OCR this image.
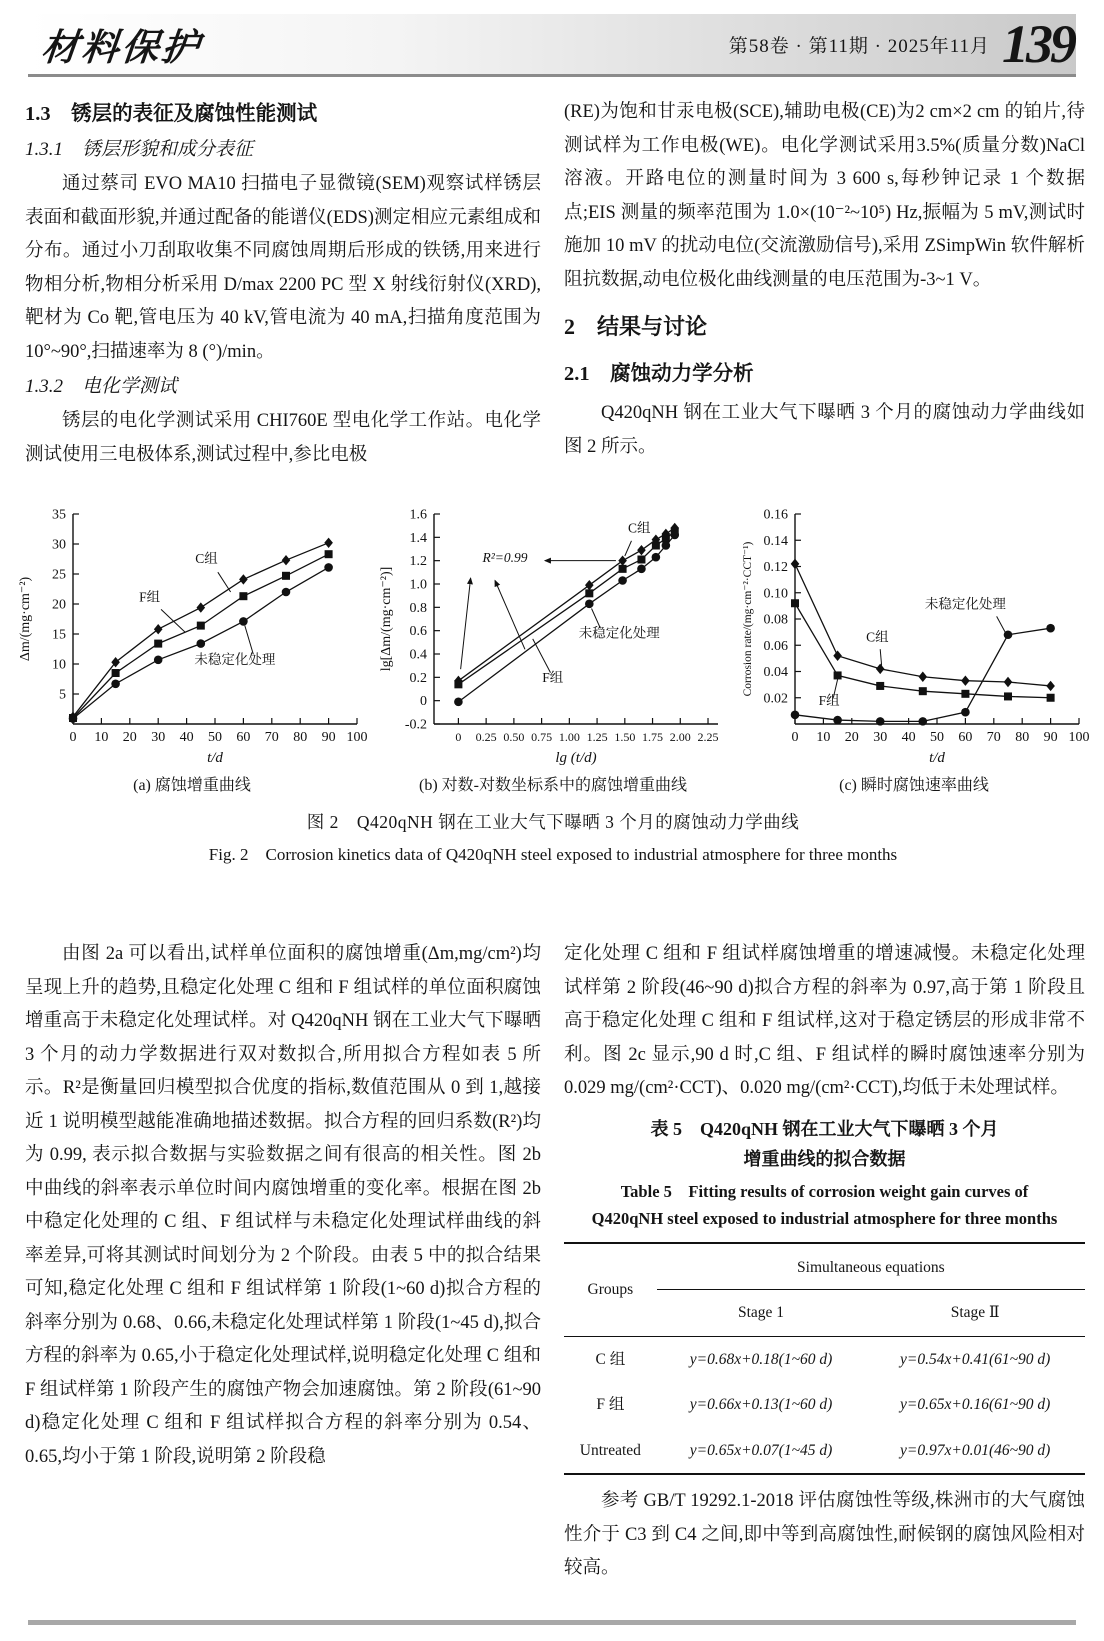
材料保护	第58卷 · 第11期 · 2025年11月 139
1.3　锈层的表征及腐蚀性能测试
1.3.1　锈层形貌和成分表征

通过蔡司 EVO MA10 扫描电子显微镜(SEM)观察试样锈层表面和截面形貌,并通过配备的能谱仪(EDS)测定相应元素组成和分布。通过小刀刮取收集不同腐蚀周期后形成的铁锈,用来进行物相分析,物相分析采用 D/max 2200 PC 型 X 射线衍射仪(XRD),靶材为 Co 靶,管电压为 40 kV,管电流为 40 mA,扫描角度范围为 10°~90°,扫描速率为 8 (°)/min。

1.3.2　电化学测试

锈层的电化学测试采用 CHI760E 型电化学工作站。电化学测试使用三电极体系,测试过程中,参比电极

(RE)为饱和甘汞电极(SCE),辅助电极(CE)为2 cm×2 cm 的铂片,待测试样为工作电极(WE)。电化学测试采用3.5%(质量分数)NaCl 溶液。开路电位的测量时间为 3 600 s,每秒钟记录 1 个数据点;EIS 测量的频率范围为 1.0×(10⁻²~10⁵) Hz,振幅为 5 mV,测试时施加 10 mV 的扰动电位(交流激励信号),采用 ZSimpWin 软件解析阻抗数据,动电位极化曲线测量的电压范围为-3~1 V。

2　结果与讨论
2.1　腐蚀动力学分析

Q420qNH 钢在工业大气下曝晒 3 个月的腐蚀动力学曲线如图 2 所示。

5
10
15
20
25
30
35
0 10 20 30 40 50 60 70 80 90 100
t/d
Δm/(mg·cm⁻²)
C组
F组
未稳定化处理
(a) 腐蚀增重曲线
-0.2
0
0.2
0.4
0.6
0.8
1.0
1.2
1.4
1.6
0 0.25 0.50 0.75 1.00 1.25 1.50 1.75 2.00 2.25
lg (t/d)
lg[Δm/(mg·cm⁻²)]
R²=0.99
C组
未稳定化处理
F组
(b) 对数-对数坐标系中的腐蚀增重曲线
0.02
0.04
0.06
0.08
0.10
0.12
0.14
0.16
0 10 20 30 40 50 60 70 80 90 100
t/d
Corrosion rate/(mg·cm⁻²·CCT⁻¹)	未稳定化处理
C组
F组
(c) 瞬时腐蚀速率曲线
图 2　Q420qNH 钢在工业大气下曝晒 3 个月的腐蚀动力学曲线
Fig. 2　Corrosion kinetics data of Q420qNH steel exposed to industrial atmosphere for three months

由图 2a 可以看出,试样单位面积的腐蚀增重(Δm,mg/cm²)均呈现上升的趋势,且稳定化处理 C 组和 F 组试样的单位面积腐蚀增重高于未稳定化处理试样。对 Q420qNH 钢在工业大气下曝晒 3 个月的动力学数据进行双对数拟合,所用拟合方程如表 5 所示。R²是衡量回归模型拟合优度的指标,数值范围从 0 到 1,越接近 1 说明模型越能准确地描述数据。拟合方程的回归系数(R²)均为 0.99, 表示拟合数据与实验数据之间有很高的相关性。图 2b 中曲线的斜率表示单位时间内腐蚀增重的变化率。根据在图 2b 中稳定化处理的 C 组、F 组试样与未稳定化处理试样曲线的斜率差异,可将其测试时间划分为 2 个阶段。由表 5 中的拟合结果可知,稳定化处理 C 组和 F 组试样第 1 阶段(1~60 d)拟合方程的斜率分别为 0.68、0.66,未稳定化处理试样第 1 阶段(1~45 d),拟合方程的斜率为 0.65,小于稳定化处理试样,说明稳定化处理 C 组和 F 组试样第 1 阶段产生的腐蚀产物会加速腐蚀。第 2 阶段(61~90 d)稳定化处理 C 组和 F 组试样拟合方程的斜率分别为 0.54、0.65,均小于第 1 阶段,说明第 2 阶段稳

定化处理 C 组和 F 组试样腐蚀增重的增速减慢。未稳定化处理试样第 2 阶段(46~90 d)拟合方程的斜率为 0.97,高于第 1 阶段且高于稳定化处理 C 组和 F 组试样,这对于稳定锈层的形成非常不利。图 2c 显示,90 d 时,C 组、F 组试样的瞬时腐蚀速率分别为 0.029 mg/(cm²·CCT)、0.020 mg/(cm²·CCT),均低于未处理试样。

表 5　Q420qNH 钢在工业大气下曝晒 3 个月
增重曲线的拟合数据
Table 5　Fitting results of corrosion weight gain curves of
Q420qNH steel exposed to industrial atmosphere for three months
Groups	Simultaneous equations	
	Stage 1	Stage Ⅱ
C 组	y=0.68x+0.18(1~60 d)	y=0.54x+0.41(61~90 d)
F 组	y=0.66x+0.13(1~60 d)	y=0.65x+0.16(61~90 d)
Untreated	y=0.65x+0.07(1~45 d)	y=0.97x+0.01(46~90 d)

参考 GB/T 19292.1-2018 评估腐蚀性等级,株洲市的大气腐蚀性介于 C3 到 C4 之间,即中等到高腐蚀性,耐候钢的腐蚀风险相对较高。
